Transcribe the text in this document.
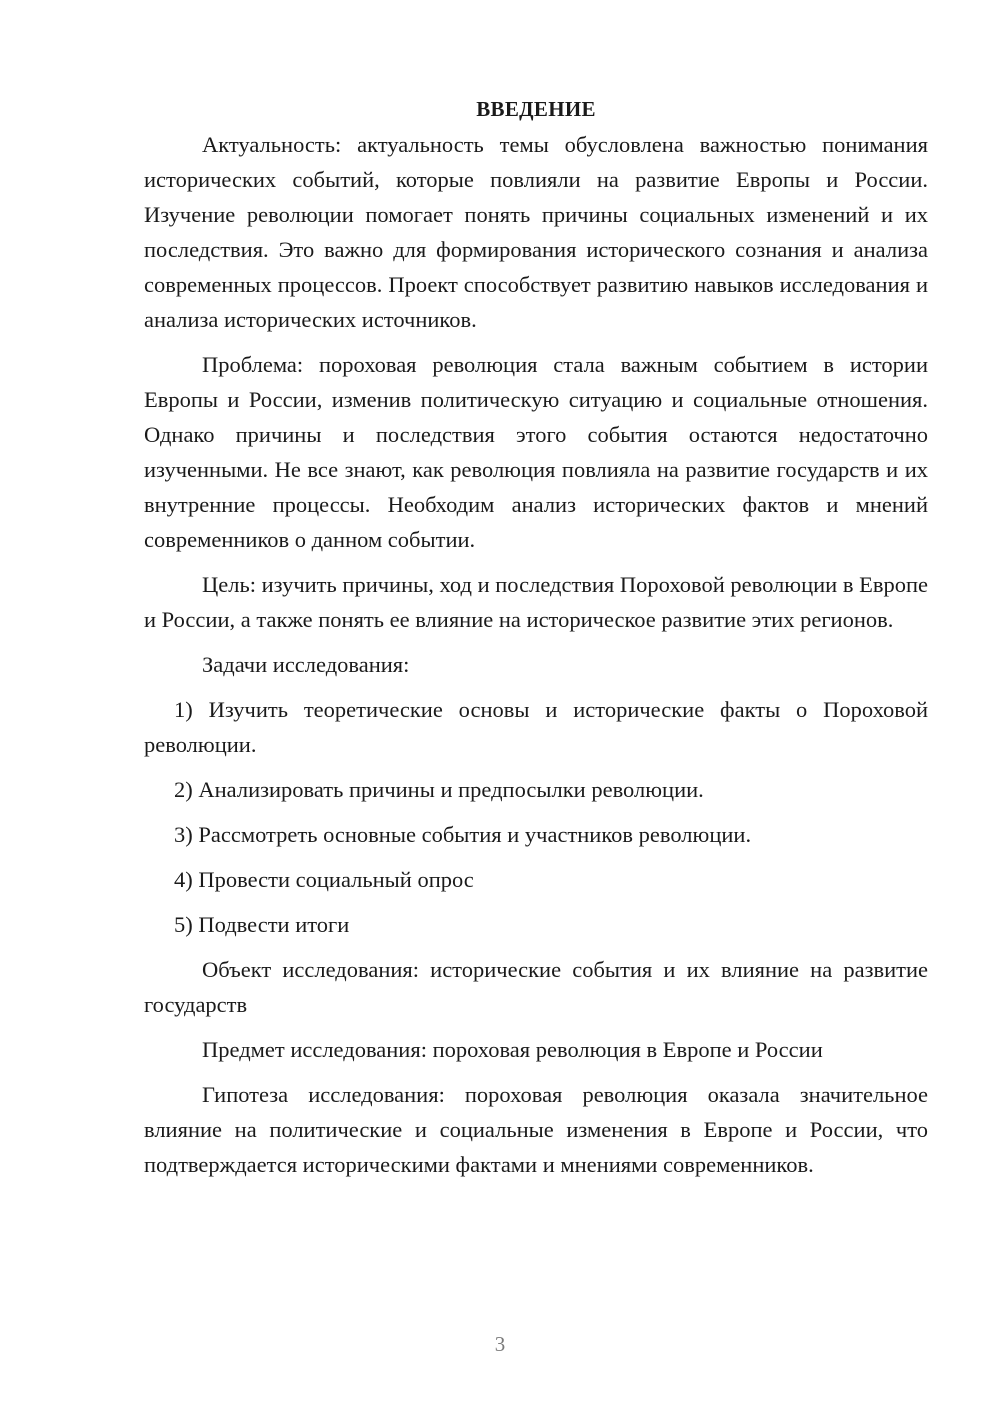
ВВЕДЕНИЕ

Актуальность: актуальность темы обусловлена важностью понимания исторических событий, которые повлияли на развитие Европы и России. Изучение революции помогает понять причины социальных изменений и их последствия. Это важно для формирования исторического сознания и анализа современных процессов. Проект способствует развитию навыков исследования и анализа исторических источников.

Проблема: пороховая революция стала важным событием в истории Европы и России, изменив политическую ситуацию и социальные отношения. Однако причины и последствия этого события остаются недостаточно изученными. Не все знают, как революция повлияла на развитие государств и их внутренние процессы. Необходим анализ исторических фактов и мнений современников о данном событии.

Цель: изучить причины, ход и последствия Пороховой революции в Европе и России, а также понять ее влияние на историческое развитие этих регионов.

Задачи исследования:

1) Изучить теоретические основы и исторические факты о Пороховой революции.

2) Анализировать причины и предпосылки революции.

3) Рассмотреть основные события и участников революции.

4) Провести социальный опрос

5) Подвести итоги

Объект исследования: исторические события и их влияние на развитие государств

Предмет исследования: пороховая революция в Европе и России

Гипотеза исследования: пороховая революция оказала значительное влияние на политические и социальные изменения в Европе и России, что подтверждается историческими фактами и мнениями современников.

3
